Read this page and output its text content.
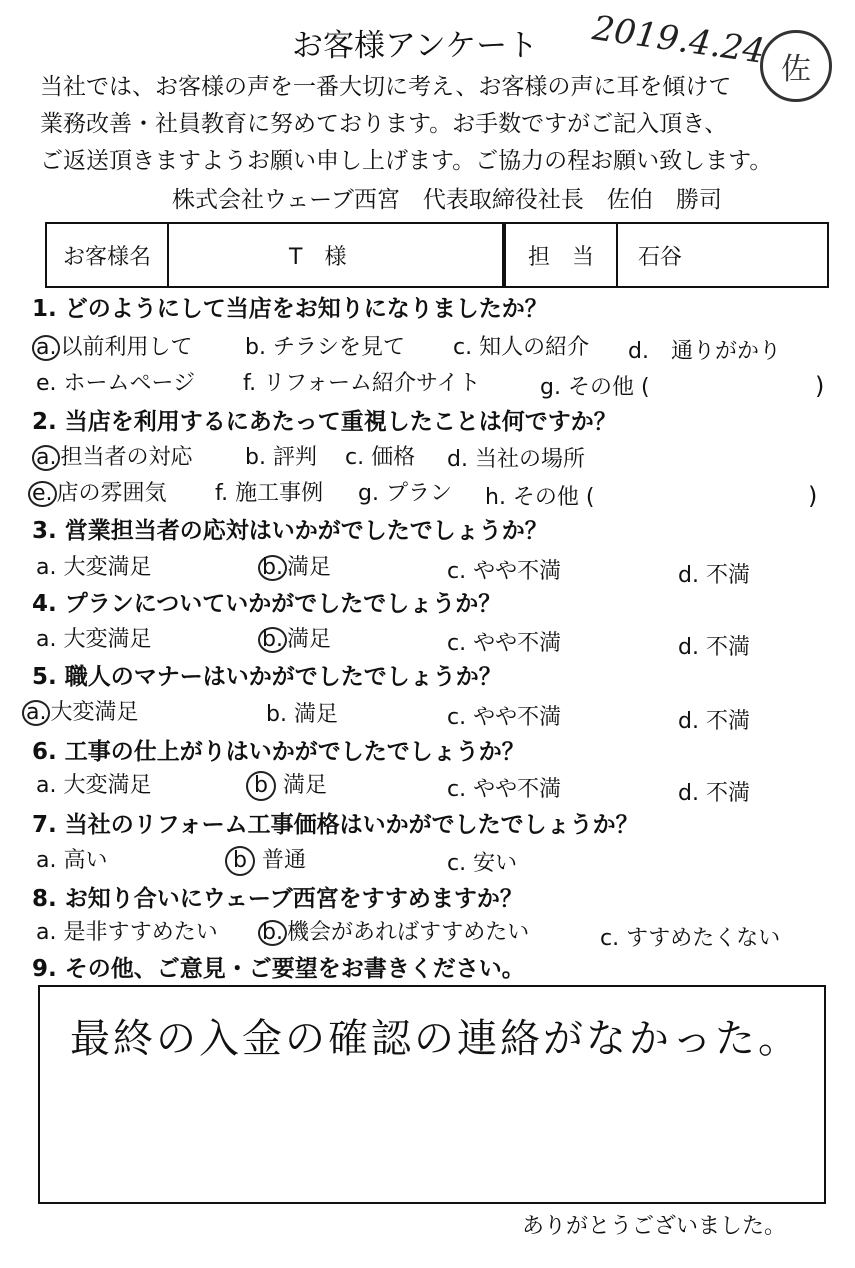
お客様アンケート 2019.4.24 佐
当社では、お客様の声を一番大切に考え、お客様の声に耳を傾けて
業務改善・社員教育に努めております。お手数ですがご記入頂き、
ご返送頂きますようお願い申し上げます。ご協力の程お願い致します。
株式会社ウェーブ西宮　代表取締役社長　佐伯　勝司
お客様名	T　様	担　当	石谷
1. どのようにして当店をお知りになりましたか？
a. 以前利用して b. チラシを見て c. 知人の紹介 d.　通りがかり
e. ホームページ f. リフォーム紹介サイト	g. その他 (	)
2. 当店を利用するにあたって重視したことは何ですか？
a. 担当者の対応 b. 評判 c. 価格 d. 当社の場所
e. 店の雰囲気 f. 施工事例 g. プラン h. その他 (	)
3. 営業担当者の応対はいかがでしたでしょうか？
a. 大変満足	b. 満足	c. やや不満	d. 不満
4. プランについていかがでしたでしょうか？
a. 大変満足	b. 満足	c. やや不満	d. 不満
5. 職人のマナーはいかがでしたでしょうか？
a. 大変満足	b. 満足	c. やや不満	d. 不満
6. 工事の仕上がりはいかがでしたでしょうか？
a. 大変満足	b 満足	c. やや不満	d. 不満
7. 当社のリフォーム工事価格はいかがでしたでしょうか？
a. 高い	b 普通	c. 安い
8. お知り合いにウェーブ西宮をすすめますか？
a. 是非すすめたい b. 機会があればすすめたい	c. すすめたくない
9. その他、ご意見・ご要望をお書きください。
最終の入金の確認の連絡がなかった。
ありがとうございました。
